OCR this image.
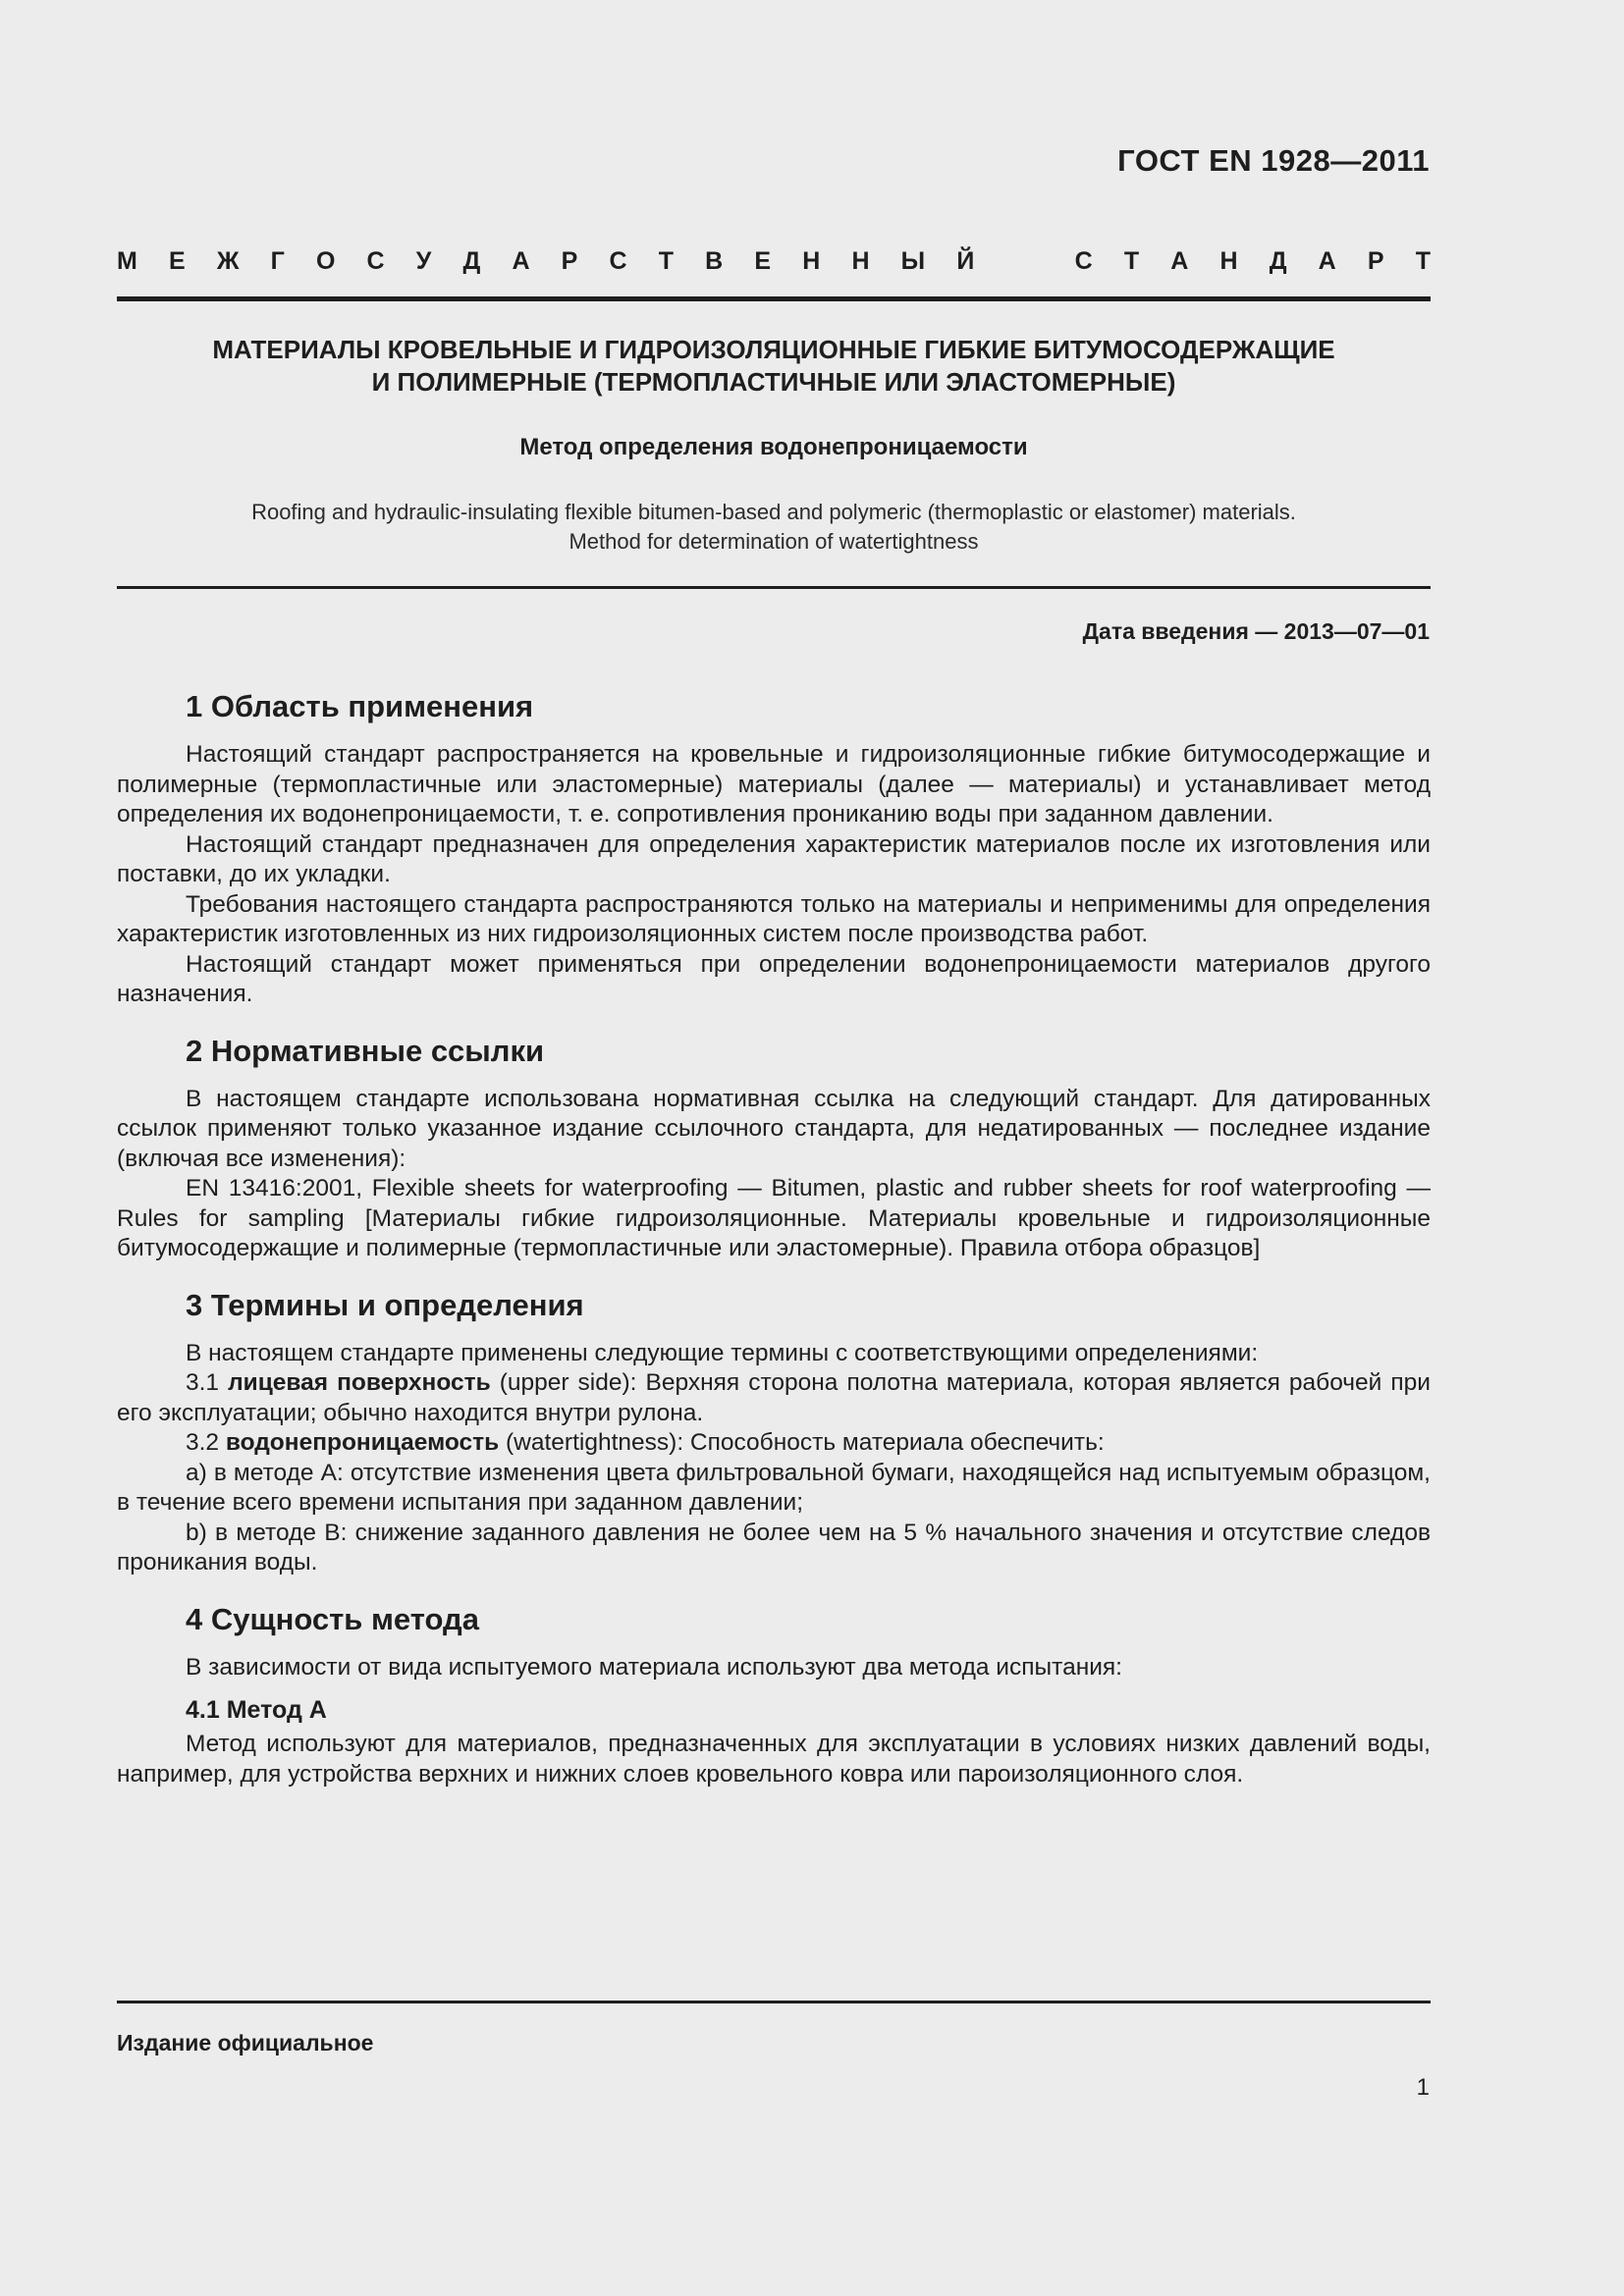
ГОСТ EN 1928—2011
М Е Ж Г О С У Д А Р С Т В Е Н Н Ы Й	С Т А Н Д А Р Т
МАТЕРИАЛЫ КРОВЕЛЬНЫЕ И ГИДРОИЗОЛЯЦИОННЫЕ ГИБКИЕ БИТУМОСОДЕРЖАЩИЕ
И ПОЛИМЕРНЫЕ (ТЕРМОПЛАСТИЧНЫЕ ИЛИ ЭЛАСТОМЕРНЫЕ)
Метод определения водонепроницаемости
Roofing and hydraulic-insulating flexible bitumen-based and polymeric (thermoplastic or elastomer) materials.
Method for determination of watertightness
Дата введения — 2013—07—01
1 Область применения

Настоящий стандарт распространяется на кровельные и гидроизоляционные гибкие битумосодержащие и полимерные (термопластичные или эластомерные) материалы (далее — материалы) и устанавливает метод определения их водонепроницаемости, т. е. сопротивления прониканию воды при заданном давлении.

Настоящий стандарт предназначен для определения характеристик материалов после их изготовления или поставки, до их укладки.

Требования настоящего стандарта распространяются только на материалы и неприменимы для определения характеристик изготовленных из них гидроизоляционных систем после производства работ.

Настоящий стандарт может применяться при определении водонепроницаемости материалов другого назначения.

2 Нормативные ссылки

В настоящем стандарте использована нормативная ссылка на следующий стандарт. Для датированных ссылок применяют только указанное издание ссылочного стандарта, для недатированных — последнее издание (включая все изменения):

EN 13416:2001, Flexible sheets for waterproofing — Bitumen, plastic and rubber sheets for roof waterproofing — Rules for sampling [Материалы гибкие гидроизоляционные. Материалы кровельные и гидроизоляционные битумосодержащие и полимерные (термопластичные или эластомерные). Правила отбора образцов]

3 Термины и определения

В настоящем стандарте применены следующие термины с соответствующими определениями:

3.1 лицевая поверхность (upper side): Верхняя сторона полотна материала, которая является рабочей при его эксплуатации; обычно находится внутри рулона.

3.2 водонепроницаемость (watertightness): Способность материала обеспечить:

а) в методе А: отсутствие изменения цвета фильтровальной бумаги, находящейся над испытуемым образцом, в течение всего времени испытания при заданном давлении;

b) в методе В: снижение заданного давления не более чем на 5 % начального значения и отсутствие следов проникания воды.

4 Сущность метода

В зависимости от вида испытуемого материала используют два метода испытания:

4.1 Метод А

Метод используют для материалов, предназначенных для эксплуатации в условиях низких давлений воды, например, для устройства верхних и нижних слоев кровельного ковра или пароизоляционного слоя.

Издание официальное
1
